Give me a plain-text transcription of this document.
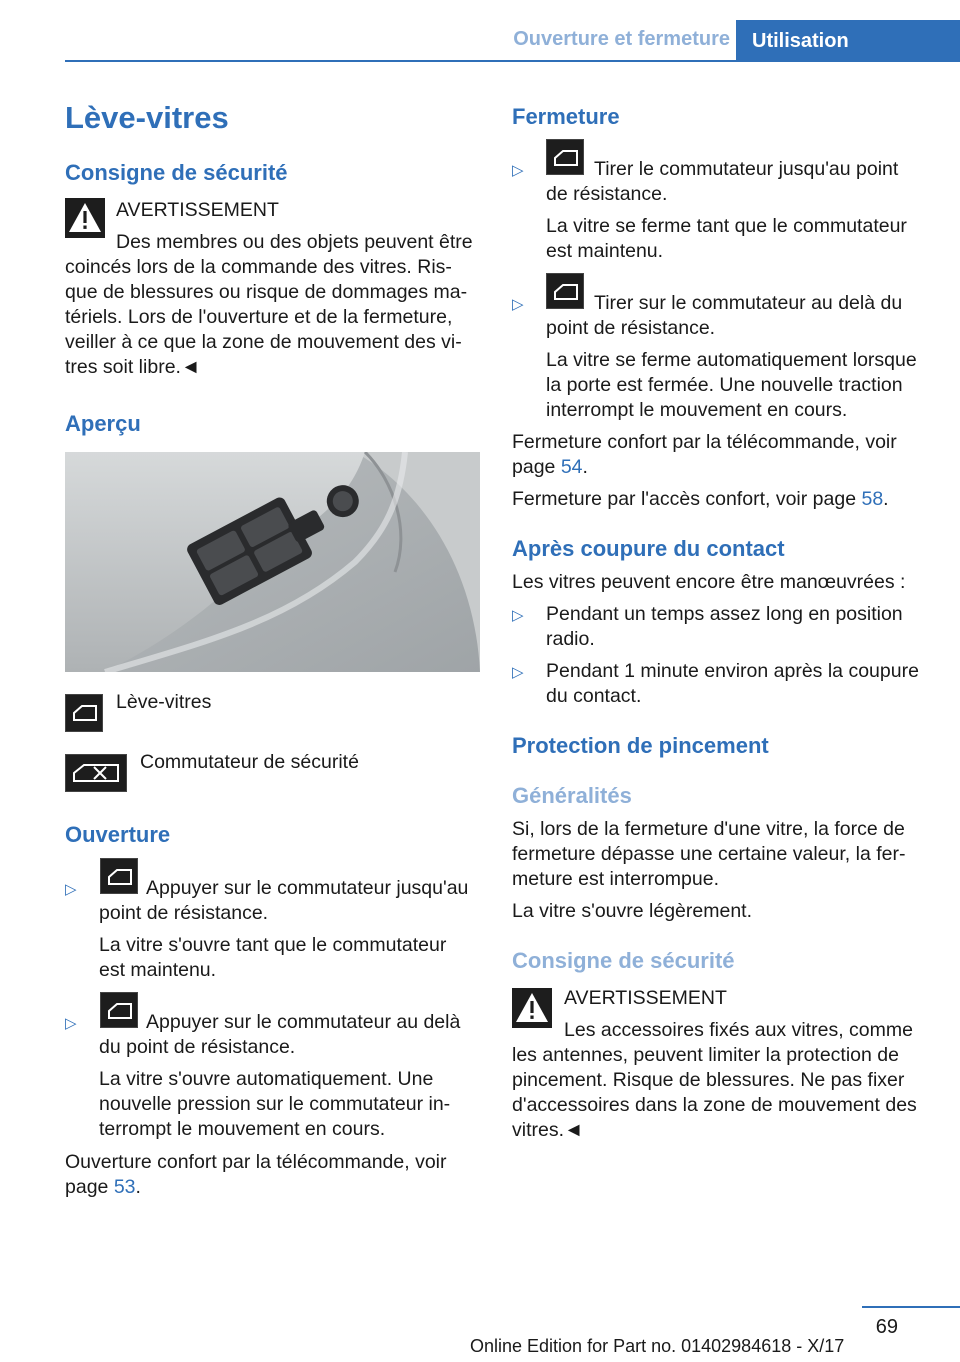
Ouverture et fermeture	Utilisation
Lève-vitres
Consigne de sécurité
AVERTISSEMENT
Des membres ou des objets peuvent être
coincés lors de la commande des vitres. Ris-
que de blessures ou risque de dommages ma-
tériels. Lors de l'ouverture et de la fermeture,
veiller à ce que la zone de mouvement des vi-
tres soit libre.◄
Aperçu
Lève-vitres
Commutateur de sécurité
Ouverture
▷	Appuyer sur le commutateur jusqu'au
point de résistance.
La vitre s'ouvre tant que le commutateur
est maintenu.
▷	Appuyer sur le commutateur au delà
du point de résistance.
La vitre s'ouvre automatiquement. Une
nouvelle pression sur le commutateur in-
terrompt le mouvement en cours.
Ouverture confort par la télécommande, voir
page 53.
Fermeture
▷	Tirer le commutateur jusqu'au point
de résistance.
La vitre se ferme tant que le commutateur
est maintenu.
▷	Tirer sur le commutateur au delà du
point de résistance.
La vitre se ferme automatiquement lorsque
la porte est fermée. Une nouvelle traction
interrompt le mouvement en cours.
Fermeture confort par la télécommande, voir
page 54.
Fermeture par l'accès confort, voir page 58.
Après coupure du contact
Les vitres peuvent encore être manœuvrées :
▷ Pendant un temps assez long en position
radio.
▷ Pendant 1 minute environ après la coupure
du contact.
Protection de pincement
Généralités
Si, lors de la fermeture d'une vitre, la force de
fermeture dépasse une certaine valeur, la fer-
meture est interrompue.
La vitre s'ouvre légèrement.
Consigne de sécurité
AVERTISSEMENT
Les accessoires fixés aux vitres, comme
les antennes, peuvent limiter la protection de
pincement. Risque de blessures. Ne pas fixer
d'accessoires dans la zone de mouvement des
vitres.◄
69
Online Edition for Part no. 01402984618 - X/17
